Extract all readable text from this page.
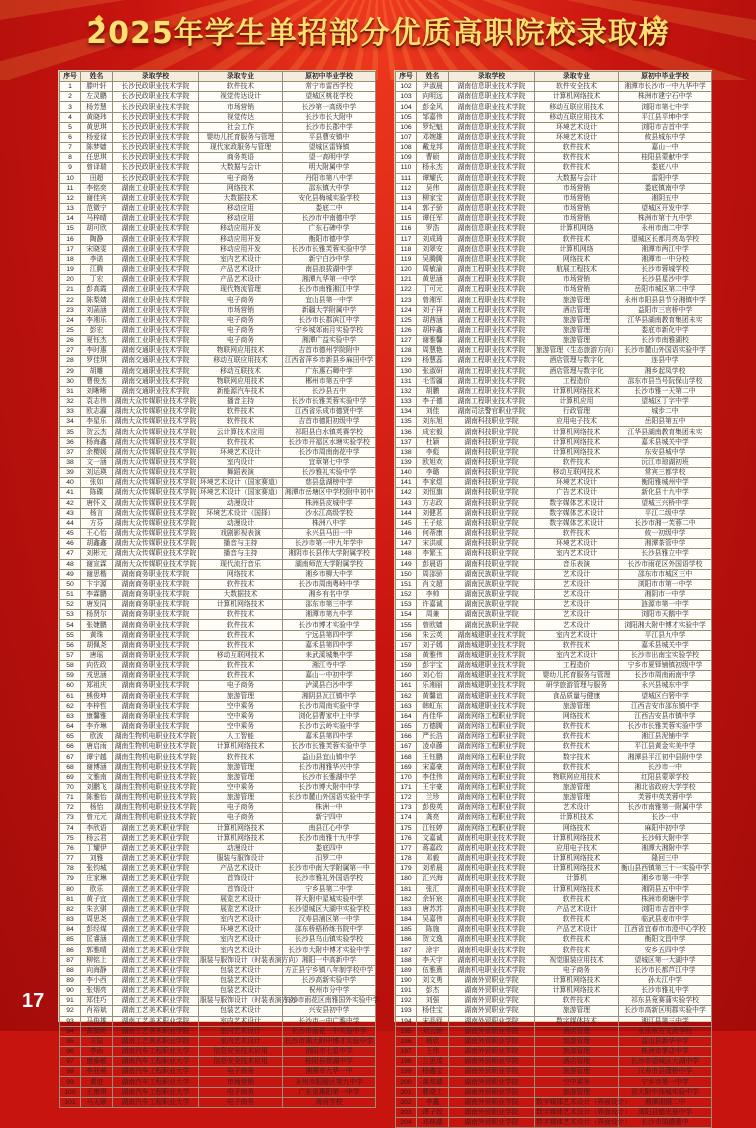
2025年学生单招部分优质高职院校录取榜
序号	姓名	录取学校	录取专业	原初中毕业学校
1	滕叶轩	长沙民政职业技术学院	软件技术	常宁市雷西学校
2	左灵鹏	长沙民政职业技术学院	视觉传达设计	望城区桃花学校
3	杨芳慧	长沙民政职业技术学院	市场营销	长沙第一高级中学
4	黄晓玮	长沙民政职业技术学院	视觉传达	长沙市长大附中
5	黄思琪	长沙民政职业技术学院	社会工作	长沙市长郡中学
6	杨爱禄	长沙民政职业技术学院	婴幼儿托育服务与管理	平县曹安镇中
7	陈梦嫱	长沙民政职业技术学院	现代家政服务与管理	望城区雷锋镇
8	任思琪	长沙民政职业技术学院	商务英语	望一高明中学
9	曾译瑞	长沙民政职业技术学院	大数据与会计	明大附属中学
10	田超	长沙民政职业技术学院	电子商务	丹阳市第八中学
11	李铭奕	湖南工业职业技术学院	网络技术	邵东镇大中学
12	谢佳宾	湖南工业职业技术学院	大数据技术	安化县梅城实验学校
13	范微宁	湖南工业职业技术学院	移动应用	娄底二中
14	马梓晴	湖南工业职业技术学院	移动应用	长沙市中南德中学
15	胡可欣	湖南工业职业技术学院	移动应用开发	广东石碑中学
16	陶静	湖南工业职业技术学院	移动应用开发	衡阳市德中学
17	宋晓雯	湖南工业职业技术学院	移动应用开发	长沙市长雅芙蓉实验中学
18	李诺	湖南工业职业技术学院	室内艺术设计	新宁白沙中学
19	江腾	湖南工业职业技术学院	产品艺术设计	南县浪拔湖中学
20	丁宏	湖南工业职业技术学院	产品艺术设计	湘潭九华第一中学
21	彭高霞	湖南工业职业技术学院	现代物流管理	长沙市南雅湘江中学
22	陈梨婧	湖南工业职业技术学院	电子商务	宜山县第一中学
23	刘菡涵	湖南工业职业技术学院	市场营销	新疆大学附属中学
24	李湘乐	湖南工业职业技术学院	电子商务	长沙市长郡滨江中学
25	彭宏	湖南工业职业技术学院	电子商务	宁乡城郊雨月实验学校
26	夏钰杰	湖南工业职业技术学院	电子商务	湘潭广益实验中学
27	李时惠	湖南交通职业技术学院	物联网应用技术	吉首市德州学院附中
28	罗佳琪	湖南交通职业技术学院	移动互联应用技术	江西省萍乡市新县乡麻田中学
29	胡雕	湖南交通职业技术学院	移动互联技术	广东惠石卿中学
30	曹俊杰	湖南交通职业技术学院	物联网应用技术	郴州市第五中学
31	刘晰晰	湖南交通职业技术学院	新能源汽车技术	长沙县五中
32	袁志伟	湖南大众传媒职业技术学院	播音主持	长沙市长雅芙蓉实验中学
33	欧志瀛	湖南大众传媒职业技术学院	软件技术	江西省乐成市德贤中学
34	李星乐	湖南大众传媒职业技术学院	软件技术	吉首市德阳初级中学
35	贺云杰	湖南大众传媒职业技术学院	云计算技术应用	祁阳县白水镇英赛学校
36	杨海鑫	湖南大众传媒职业技术学院	软件技术	长沙市开福区水塘实验学校
37	余樱媛	湖南大众传媒职业技术学院	环境艺术设计	长沙市周南南花中学
38	文一涵	湖南大众传媒职业技术学院	室内设计	宜章第七中学
39	刘运瑛	湖南大众传媒职业技术学院	舞蹈表演	长沙雅礼实验中学
40	张如	湖南大众传媒职业技术学院	环境艺术设计（国家赛道）	慈县盘湖榜中学
41	陈碟	湖南大众传媒职业技术学院	环境艺术设计（国家赛道）	湘潭市岳塘区中学校附中初中
42	唐怀义	湖南大众传媒职业技术学院	动漫设计	株洲县皮城中学
43	杨言	湖南大众传媒职业技术学院	环境艺术设计（国择）	沙水江高级学校
44	方芬	湖南大众传媒职业技术学院	动漫设计	株洲八中学
45	王心怡	湖南大众传媒职业技术学院	戏剧影视表演	永兴县马田一中
46	胡鑫鑫	湖南大众传媒职业技术学院	播音与主持	长沙市第一中九年学中
47	刘彬元	湖南大众传媒职业技术学院	播音与主持	湘阴市长县伟大学附属学校
48	谢宣霖	湖南大众传媒职业技术学院	现代流行音乐	湖南师范大学附属学校
49	谢思楷	湖南商务职业技术学院	网络技术	湘乡市柳大中学
50	卞宇源	湖南商务职业技术学院	软件技术	长沙市周南粤岭中学
51	李霖鹏	湖南商务职业技术学院	大数据技术	湘乡有名中学
52	唐发同	湖南商务职业技术学院	计算机网络技术	邵东市第三中学
53	杨贤尔	湖南商务职业技术学院	软件技术	湘潭市第九中学
54	张婕鹏	湖南商务职业技术学院	软件技术	长沙市博才实验中学
55	黄珠	湖南商务职业技术学院	软件技术	宁远县第四中学
56	胡佩尧	湖南商务职业技术学院	软件技术	嘉禾县第四中学
57	唐瑶	湖南商务职业技术学院	移动互联网技术	耒武溪城集中学
58	向佐政	湖南商务职业技术学院	软件技术	湘江寺中学
59	戎思涵	湖南商务职业技术学院	软件技术	嘉山一中初中学
60	郑祖庆	湖南商务职业技术学院	电子商务	泸溪县白沙中学
61	熊俊坤	湖南商务职业技术学院	旅游管理	湘阴县瓦江镇中学
62	李梓哲	湖南商务职业技术学院	空中乘务	长沙市周南实验中学
63	康馨雅	湖南商务职业技术学院	空中乘务	浏化县曹家中上中学
64	李乔琳	湖南商务职业技术学院	空中乘务	长沙市云岭实验中学
65	欧波	湖南生物机电职业技术学院	人工智能	嘉禾县第四中学
66	唐启雨	湖南生物机电职业技术学院	计算机网络技术	长沙市长雅芙蓉实验中学
67	谭宁越	湖南生物机电职业技术学院	软件技术	益山县宜山镇中学
68	谢博涵	湖南生物机电职业技术学院	旅游管理	长沙市湘雅华兴中学
69	文雅南	湖南生物机电职业技术学院	旅游管理	长沙市长雅湖中学
70	刘鹏飞	湖南生物机电职业技术学院	空中乘务	长沙市博大附中中学
71	陈雅怡	湖南生物机电职业技术学院	旅游管理	长沙市麓山外国语实验中学
72	杨怡	湖南生物机电职业技术学院	电子商务	株洲一中
73	曾元元	湖南生物机电职业技术学院	电子商务	新宁四中
74	李欣语	湖南工艺美术职业学院	计算机网络技术	南县江心中学
75	杨云君	湖南工艺美术职业学院	计算机网络技术	长沙市南雅十九中学
76	丁耀伊	湖南工艺美术职业学院	动漫设计	娄底四中
77	刘雅	湖南工艺美术职业学院	服装与服饰设计	汨罗二中
78	张钧城	湖南工艺美术职业学院	产品艺术设计	长沙市中南大学附属第一中
79	庄家琳	湖南工艺美术职业学院	首饰设计	长沙市雅礼外国语学校
80	欧乐	湖南工艺美术职业学院	首饰设计	宁乡县第二中学
81	黄子宜	湖南工艺美术职业学院	展览艺术设计	祥大附中星城实验中学
82	朱玄骐	湖南工艺美术职业学院	展览艺术设计	长沙望城区大湖中实验学校
83	周思尧	湖南工艺美术职业学院	室内艺术设计	汉寿县浦区第一中学
84	彭经煤	湖南工艺美术职业学院	环境艺术设计	邵东桥梧桥练书院中学
85	匡睿涵	湖南工艺美术职业学院	室内艺术设计	长沙县乌山镇实验学校
86	郭雅晴	湖南工艺美术职业学院	室内艺术设计	长沙市大附中博才实验中学
87	柳铭上	湖南工艺美术职业学院	服装与服饰设计（时装表演方向）	湘阳一中高新中学
88	向海静	湖南工艺美术职业学院	包装艺术设计	方正县宁乡镇八年制学校中学
89	李小西	湖南工艺美术职业学院	包装艺术设计	长沙高新实验中学
90	张烟亮	湖南工艺美术职业学院	包装艺术设计	祝州市分中学
91	郑佳巧	湖南工艺美术职业学院	服装与服饰设计（时装表演方向）	长沙市雨花区南雅国外实验中学
92	肖裕斌	湖南工艺美术职业学院	包装艺术设计	兴安县初中学
93	马俊雄	湖南工艺美术职业学院	室内艺术设计	长沙市一中广雅中学
94	高莫昕	湖南工艺美术职业学院	室内艺术设计	长沙市雨花一中实验中学
95	方陆	湖南工艺美术职业学院	室内艺术设计	长沙市湘大附中博才实验中学
96	李雨	湖南汽车工程职业大学	信息安全技术应用	浏阳市七星中学
97	康泰敏	湖南汽车工程职业大学	信息安全技术应用	桂阳县慈湖中学
98	李亚萌	湖南汽车工程职业大学	电子商务	湘潭市九华一中
99	黄进	湖南汽车工程职业大学	市场营销	永州市阳陵区第九中学
100	王康琪	湖南汽车工程职业大学	电子商务	广东省惠阳第一中学
101	马天顺	湖南汽车工程职业大学	电子商务	海河学校
序号	姓名	录取学校	录取专业	原初中毕业学校
102	尹淑晨	湖南信息职业技术学院	软件安全技术	湘潭市长沙市一中九华中学
103	向明远	湖南信息职业技术学院	计算机网络技术	株洲市建宁石中学
104	彭金风	湖南信息职业技术学院	移动互联应用技术	浏阳市第七中学
105	邹嘉伟	湖南信息职业技术学院	移动互联应用技术	平江县平坤中学
106	罗纪魁	湖南信息职业技术学院	环境艺术设计	浏阳市吉首中学
107	邓婉雄	湖南信息职业技术学院	环境艺术设计	攸县城东中学
108	戴龙邦	湖南信息职业技术学院	软件技术	嘉山一中
109	曹硕	湖南信息职业技术学院	软件技术	桂阳县蒙献中学
110	杨永杰	湖南信息职业技术学院	软件技术	娄底八中
111	谭耀氏	湖南信息职业技术学院	大数据与会计	雷阳中学
112	吴伟	湖南信息职业技术学院	市场营销	娄底镇南中学
113	柳家宝	湖南信息职业技术学院	市场营销	湘阴五中
114	郭子骄	湖南信息职业技术学院	市场营销	望城区开发中学
115	谭任军	湖南信息职业技术学院	市场营销	株洲市第十九中学
116	罗浩	湖南信息职业技术学院	计算机网络	永州市南二中学
117	刘成琦	湖南信息职业技术学院	软件技术	望城区长都月亮岛学校
118	刘翠安	湖南信息职业技术学院	计算机网络	湘潭市两江中学
119	吴腾腾	湖南信息职业技术学院	网络技术	湘潭市一中分校
120	周敏渝	湖南工程职业技术学院	航展工程技术	长沙市蓉城学校
121	黄思涵	湖南工程职业技术学院	市场营销	长沙县星沙中学
122	丁可元	湖南工程职业技术学院	市场营销	岳阳市城区第二中学
123	曾湘军	湖南工程职业技术学院	旅游管理	永州市阳县县节分湘镇中学
124	刘子祥	湖南工程职业技术学院	酒店管理	益阳市三官桥中学
125	胡茜涵	湖南工程职业技术学院	旅游管理	江华县湖南教育集团未实
126	胡梓鑫	湖南工程职业技术学院	旅游管理	娄底市新化中学
127	谢雅馨	湖南工程职业技术学院	旅游管理	长沙市南雅湖校
128	周慧艳	湖南工程职业技术学院	旅游管理（生态旅游方向）	长沙市麓山外国语实验中学
129	杨慧蕊	湖南工程职业技术学院	酒店管理与数字化	连县中学
130	张淑研	湖南工程职业技术学院	酒店管理与数字化	湘乡起凤学校
131	毛雪疆	湖南工程职业技术学院	工程造价	邵东市县当号阮保山学校
132	胡鹏	湖南工程职业技术学院	计算机网络技术	长沙市雅一天第二中
133	李子德	湖南工程职业技术学院	计算机应用	望城区丁字中学
134	刘佳	湖南司法警官职业学院	行政管理	城步二中
135	刘东旭	湖南科技职业学院	应用电子技术	岳阳县第五中
136	成宏毅	湖南科技职业学院	计算机网络技术	江华县湖南教育集团未实
137	杜颖	湖南科技职业学院	计算机网络技术	嘉禾县城关中学
138	李彪	湖南科技职业学院	计算机网络技术	东安县城中学
139	欧旭欢	湖南科技职业学院	软件技术	沅江市琼湖初班
140	李璐	湖南科技职业学院	移动互联网技术	常宾三都学校
141	李家煜	湖南科技职业学院	环境艺术设计	衡阳雅城州中学
142	刘恒旗	湖南科技职业学院	广告艺术设计	新化县十九中学
143	方志政	湖南科技职业学院	数字媒体艺术设计	望城三兴桥中学
144	刘健茗	湖南科技职业学院	数字媒体艺术设计	平江二级中学
145	王子炫	湖南科技职业学院	数字媒体艺术设计	长沙市湘一芙蓉二中
146	何蒂康	湖南科技职业学院	软件技术	攸一初级中学
147	宋洪威	湖南科技职业学院	环境艺术设计	湘潭茶管中学
148	李繁玉	湖南科技职业学院	室内艺术设计	长沙县雅立中学
149	彭晨语	湖南科技职业学院	音乐表演	长沙市雨花区外国语学校
150	周邵骄	湖南民族职业学院	艺术设计	邵东市市城区三中
151	肖文超	湖南民族职业学院	艺术设计	浏阳市市第一中学
152	李帅	湖南民族职业学院	艺术设计	湘阴市一中学
153	许嘉诚	湖南民族职业学院	艺术设计	涟源市第一中学
154	周兼	湖南民族职业学院	艺术设计	浏阳市天鹅中学
155	曾欧嫱	湖南民族职业学院	艺术设计	浏阳湘大附中博才实验中学
156	朱云英	湖南城建职业技术学院	室内艺术设计	平江县九中学
157	刘子嫣	湖南城建职业技术学院	软件技术	嘉禾县城关中学
158	黄雅伟	湖南城建职业技术学院	室内艺术设计	长沙市出南宝实验学校
159	彭宇宝	湖南城建职业技术学院	工程造价	宁乡市夏铎铺镇初级中学
160	刘心怡	湖南城建职业技术学院	婴幼儿托育服务与管理	长沙市周南雨南中学
161	乐湘丽	湖南城建职业技术学院	研学旅游管理与服务	永兴县城东中学
162	黄馨谊	湖南城建职业技术学院	食品质量与健康	望城区白箬中学
163	韩虹东	湖南城建职业技术学院	旅游管理	江西吉安市邵东镇中学
164	肖佳华	湖南网络工程职业学院	网络技术	江西吉安县市镇中学
165	万德腾	湖南网络工程职业学院	软件技术	长沙市长雅芙蓉实验中学
166	严长浩	湖南网络工程职业学院	软件技术	湘江县泥铺中学
167	凌卓藤	湖南网络工程职业学院	软件技术	平江县黄金实美中学
168	王钰鹏	湖南网络工程职业学院	数字技术	湘潭县平江初中县附中学
169	宋嘉豪	湖南网络工程职业学院	软件技术	长沙市一中
170	李佳伟	湖南网络工程职业学院	物联网应用技术	红阳县蒙翠学校
171	王宇豪	湖南网络工程职业学院	旅游管理	湘北省政府大学学校
172	兰珍	湖南网络工程职业学院	旅游管理	芙蓉中英芙蓉中学
173	彭俊英	湖南网络工程职业学院	艺术设计	长沙市南雅第一附属中学
174	龚亮	湖南网络工程职业学院	计算机技术	长沙一中
175	江钰婷	湖南网络工程职业学院	网络技术	麻阳中初中学
176	文嘉诚	湖南机电职业技术学院	计算机网络技术	长沙师大附中学
177	蒋嘉政	湖南机电职业技术学院	应用电子技术	湘潭大湘附中学
178	邓毅	湖南机电职业技术学院	计算机网络技术	隆回三中
179	刘希晨	湖南机电职业技术学院	计算机网络技术	衡山县西镇第三十一实验中学
180	汇兴海	湖南机电职业技术学院	计算机	湘乡市第一中学
181	张汇	湖南机电职业技术学院	计算机网络技术	湘阴县五中中学
182	余轩宸	湖南机电职业技术学院	软件技术	株洲市荷塘中学
183	唐苏苏	湖南机电职业技术学院	产品艺术设计	浏阳市吉首中学
184	吴嘉伟	湖南机电职业技术学院	软件技术	临武县麦市中学
185	陈施	湖南机电职业技术学院	产品艺术设计	江西省宜春市市澄中心学校
186	贺文逸	湖南机电职业技术学院	软件技术	衡阳文昌中学
187	涂宇	湖南机电职业技术学院	软件技术	安乡五四中学
188	李天宇	湖南机电职业技术学院	视觉服装应用技术	望城区第一大湖中学
189	伍雅熹	湖南机电职业技术学院	电子商务	长沙市长都芦江中学
190	刘文勇	湖南外贸职业学院	计算机网络技术	孙太江中学
191	彭杰	湖南外贸职业学院	计算机网络技术	长沙市雅礼中学
192	刘强	湖南外贸职业学院	软件技术	祁东县竟赛蒲实验学校
193	杨佳宝	湖南外贸职业学院	旅游管理	长沙市高新区明郡实验中学
194	宋晶铎	湖南外贸职业学院	数字媒体技术	湘江县第三中学
195	刘云朗	湖南外贸职业学院	酒店管理	永乐东方文武学校
196	杨欣	湖南外贸职业学院	旅游管理	益山县新华中学
197	王伟	湖南外贸职业学院	旅游管理	株洲市茅店中学
198	兰思茂	湖南外贸职业学院	酒店管理	长沙市望城区大湖中学
199	杨鑫宝	湖南外贸职业学院	旅游管理	汉寿市县潇桥中学
200	黄邦瑞	湖南外贸职业学院	空中乘务	宁乡市第一中学
201	曹晓工	湖南外贸职业学院	旅游管理	祁大附中深城实验中学
202	李鑫	湖南外贸职业学院	数字媒体艺术设计（界面设计）	湘潭湘钢二中
203	谭子姣	湖南外贸职业学院	数字媒体艺术设计（界面设计）	浏阳县德光景中学
204	邓林湖	湖南外贸职业学院	数字媒体艺术设计（界面设计）	长沙市周德蕾中
17
